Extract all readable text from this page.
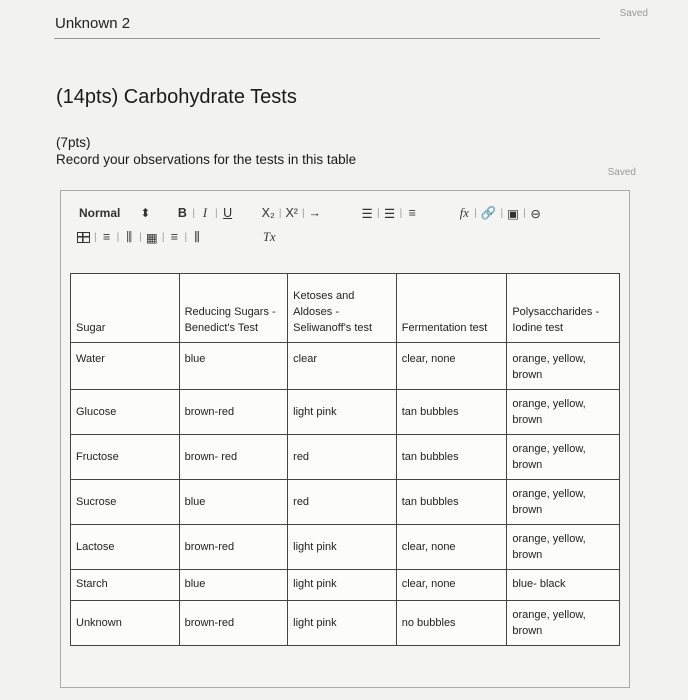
Saved
Unknown 2
(14pts) Carbohydrate Tests
(7pts)
Record your observations for the tests in this table
Saved
Normal ⬍ B | I | U X₂ | X² | →	☰ | ☰ | ≡	fx | 🔗 | ▣ | ⊖
| ≡ | ⫼ | ▦ | ≡ | ⫼	Tx
Sugar	Reducing Sugars - Benedict's Test	Ketoses and Aldoses - Seliwanoff's test	Fermentation test	Polysaccharides - Iodine test
Water	blue	clear	clear, none	orange, yellow, brown
Glucose	brown-red	light pink	tan bubbles	orange, yellow, brown
Fructose	brown- red	red	tan bubbles	orange, yellow, brown
Sucrose	blue	red	tan bubbles	orange, yellow, brown
Lactose	brown-red	light pink	clear, none	orange, yellow, brown
Starch	blue	light pink	clear, none	blue- black
Unknown	brown-red	light pink	no bubbles	orange, yellow, brown
